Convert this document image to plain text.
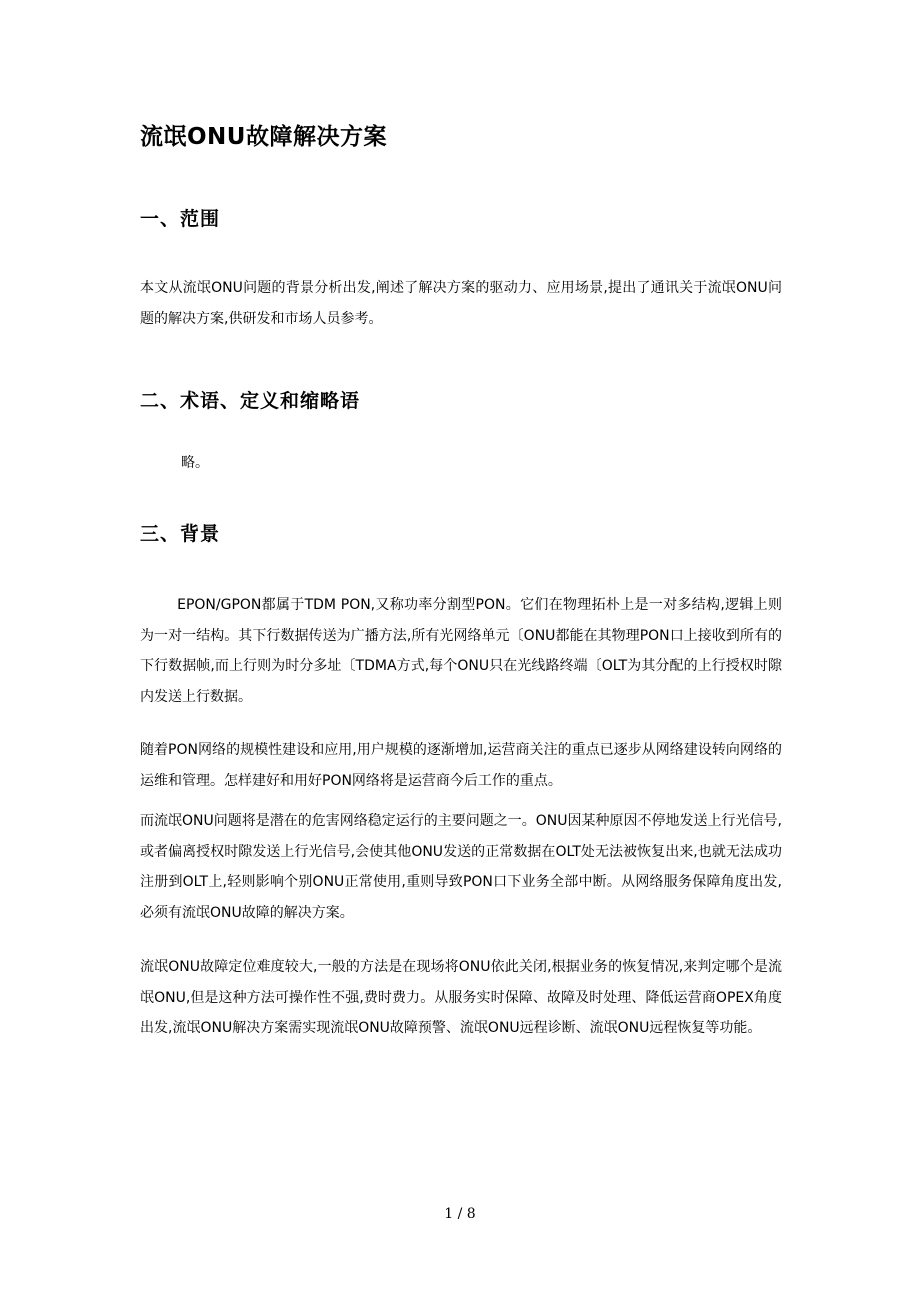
流氓ONU故障解决方案
一、范围

本文从流氓ONU问题的背景分析出发,阐述了解决方案的驱动力、应用场景,提出了通讯关于流氓ONU问题的解决方案,供研发和市场人员参考。

二、术语、定义和缩略语
略。
三、背景

EPON/GPON都属于TDM PON,又称功率分割型PON。它们在物理拓朴上是一对多结构,逻辑上则为一对一结构。其下行数据传送为广播方法,所有光网络单元〔ONU都能在其物理PON口上接收到所有的下行数据帧,而上行则为时分多址〔TDMA方式,每个ONU只在光线路终端〔OLT为其分配的上行授权时隙内发送上行数据。

随着PON网络的规模性建设和应用,用户规模的逐渐增加,运营商关注的重点已逐步从网络建设转向网络的运维和管理。怎样建好和用好PON网络将是运营商今后工作的重点。

而流氓ONU问题将是潜在的危害网络稳定运行的主要问题之一。ONU因某种原因不停地发送上行光信号,或者偏离授权时隙发送上行光信号,会使其他ONU发送的正常数据在OLT处无法被恢复出来,也就无法成功注册到OLT上,轻则影响个别ONU正常使用,重则导致PON口下业务全部中断。从网络服务保障角度出发,必须有流氓ONU故障的解决方案。

流氓ONU故障定位难度较大,一般的方法是在现场将ONU依此关闭,根据业务的恢复情况,来判定哪个是流氓ONU,但是这种方法可操作性不强,费时费力。从服务实时保障、故障及时处理、降低运营商OPEX角度出发,流氓ONU解决方案需实现流氓ONU故障预警、流氓ONU远程诊断、流氓ONU远程恢复等功能。

1 / 8
